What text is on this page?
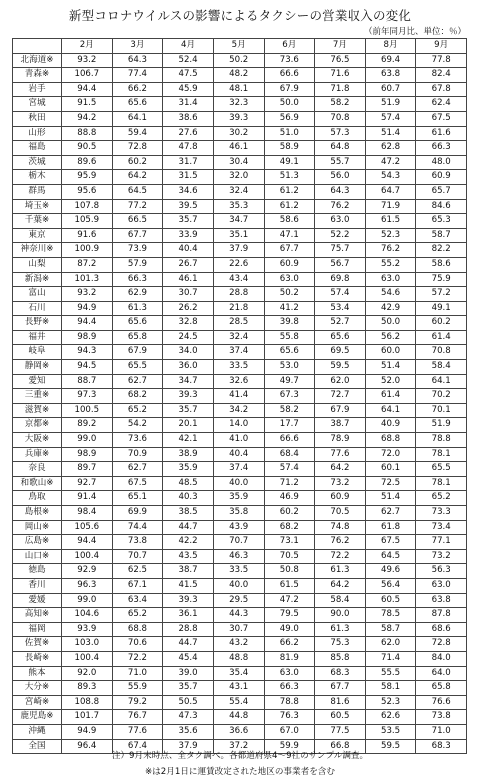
新型コロナウイルスの影響によるタクシーの営業収入の変化
（前年同月比、単位：％）
	2月	3月	4月	5月	6月	7月	8月	9月
北海道※	93.2	64.3	52.4	50.2	73.6	76.5	69.4	77.8
青森※	106.7	77.4	47.5	48.2	66.6	71.6	63.8	82.4
岩手	94.4	66.2	45.9	48.1	67.9	71.8	60.7	67.8
宮城	91.5	65.6	31.4	32.3	50.0	58.2	51.9	62.4
秋田	94.2	64.1	38.6	39.3	56.9	70.8	57.4	67.5
山形	88.8	59.4	27.6	30.2	51.0	57.3	51.4	61.6
福島	90.5	72.8	47.8	46.1	58.9	64.8	62.8	66.3
茨城	89.6	60.2	31.7	30.4	49.1	55.7	47.2	48.0
栃木	95.9	64.2	31.5	32.0	51.3	56.0	54.3	60.9
群馬	95.6	64.5	34.6	32.4	61.2	64.3	64.7	65.7
埼玉※	107.8	77.2	39.5	35.3	61.2	76.2	71.9	84.6
千葉※	105.9	66.5	35.7	34.7	58.6	63.0	61.5	65.3
東京	91.6	67.7	33.9	35.1	47.1	52.2	52.3	58.7
神奈川※	100.9	73.9	40.4	37.9	67.7	75.7	76.2	82.2
山梨	87.2	57.9	26.7	22.6	60.9	56.7	55.2	58.6
新潟※	101.3	66.3	46.1	43.4	63.0	69.8	63.0	75.9
富山	93.2	62.9	30.7	28.8	50.2	57.4	54.6	57.2
石川	94.9	61.3	26.2	21.8	41.2	53.4	42.9	49.1
長野※	94.4	65.6	32.8	28.5	39.8	52.7	50.0	60.2
福井	98.9	65.8	24.5	32.4	55.8	65.6	56.2	61.4
岐阜	94.3	67.9	34.0	37.4	65.6	69.5	60.0	70.8
静岡※	94.5	65.5	36.0	33.5	53.0	59.5	51.4	58.4
愛知	88.7	62.7	34.7	32.6	49.7	62.0	52.0	64.1
三重※	97.3	68.2	39.3	41.4	67.3	72.7	61.4	70.2
滋賀※	100.5	65.2	35.7	34.2	58.2	67.9	64.1	70.1
京都※	89.2	54.2	20.1	14.0	17.7	38.7	40.9	51.9
大阪※	99.0	73.6	42.1	41.0	66.6	78.9	68.8	78.8
兵庫※	98.9	70.9	38.9	40.4	68.4	77.6	72.0	78.1
奈良	89.7	62.7	35.9	37.4	57.4	64.2	60.1	65.5
和歌山※	92.7	67.5	48.5	40.0	71.2	73.2	72.5	78.1
鳥取	91.4	65.1	40.3	35.9	46.9	60.9	51.4	65.2
島根※	98.4	69.9	38.5	35.8	60.2	70.5	62.7	73.3
岡山※	105.6	74.4	44.7	43.9	68.2	74.8	61.8	73.4
広島※	94.4	73.8	42.2	70.7	73.1	76.2	67.5	77.1
山口※	100.4	70.7	43.5	46.3	70.5	72.2	64.5	73.2
徳島	92.9	62.5	38.7	33.5	50.8	61.3	49.6	56.3
香川	96.3	67.1	41.5	40.0	61.5	64.2	56.4	63.0
愛媛	99.0	63.4	39.3	29.5	47.2	58.4	60.5	63.8
高知※	104.6	65.2	36.1	44.3	79.5	90.0	78.5	87.8
福岡	93.9	68.8	28.8	30.7	49.0	61.3	58.7	68.6
佐賀※	103.0	70.6	44.7	43.2	66.2	75.3	62.0	72.8
長崎※	100.4	72.2	45.4	48.8	81.9	85.8	71.4	84.0
熊本	92.0	71.0	39.0	35.4	63.0	68.3	55.5	64.0
大分※	89.3	55.9	35.7	43.1	66.3	67.7	58.1	65.8
宮崎※	108.8	79.2	50.5	55.4	78.8	81.6	52.3	76.6
鹿児島※	101.7	76.7	47.3	44.8	76.3	60.5	62.6	73.8
沖縄	94.9	77.6	35.6	36.6	67.0	77.5	53.5	71.0
全国	96.4	67.4	37.9	37.2	59.9	66.8	59.5	68.3
注）9月末時点、全タク調べ。各都道府県4～9社のサンプル調査。
※は2月1日に運賃改定された地区の事業者を含む
